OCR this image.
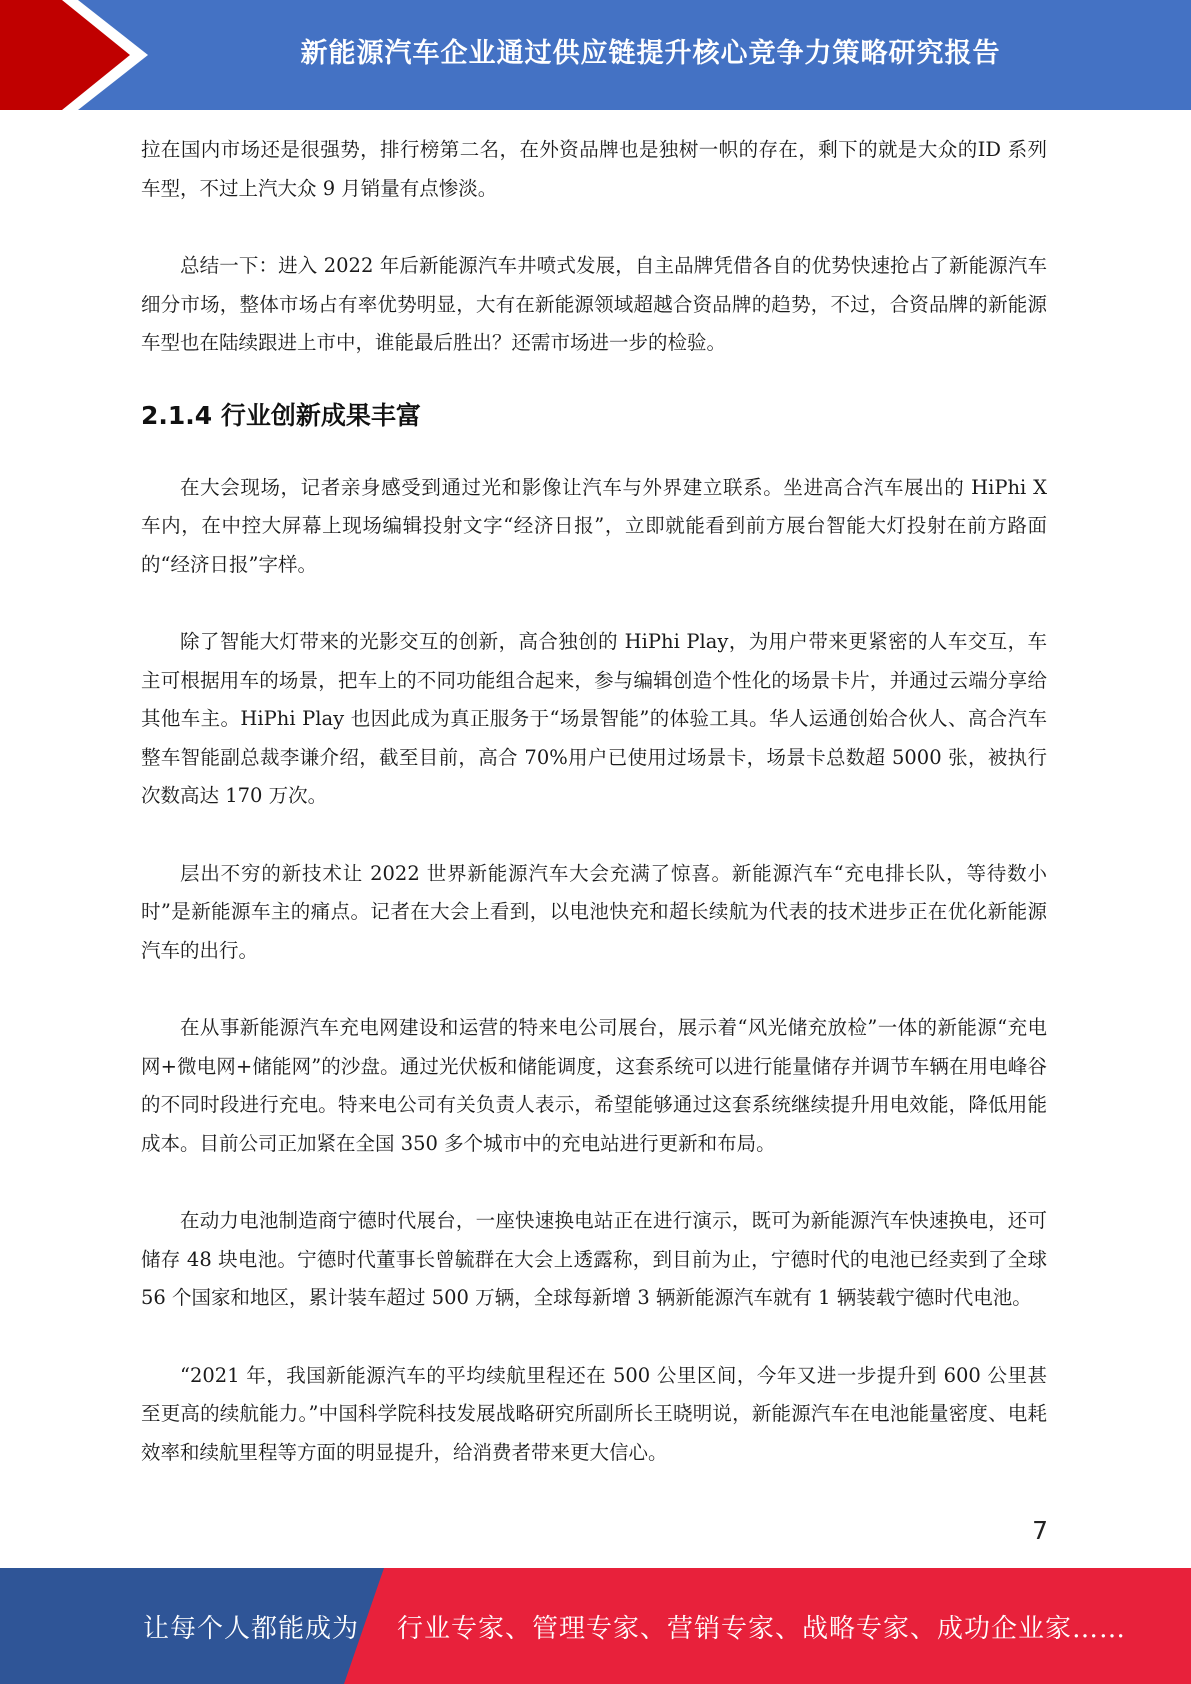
新能源汽车企业通过供应链提升核心竞争力策略研究报告

拉在国内市场还是很强势，排行榜第二名，在外资品牌也是独树一帜的存在，剩下的就是大众的ID 系列车型，不过上汽大众 9 月销量有点惨淡。

总结一下：进入 2022 年后新能源汽车井喷式发展，自主品牌凭借各自的优势快速抢占了新能源汽车细分市场，整体市场占有率优势明显，大有在新能源领域超越合资品牌的趋势，不过，合资品牌的新能源车型也在陆续跟进上市中，谁能最后胜出？还需市场进一步的检验。

2.1.4 行业创新成果丰富

在大会现场，记者亲身感受到通过光和影像让汽车与外界建立联系。坐进高合汽车展出的 HiPhi X 车内，在中控大屏幕上现场编辑投射文字“经济日报”，立即就能看到前方展台智能大灯投射在前方路面的“经济日报”字样。

除了智能大灯带来的光影交互的创新，高合独创的 HiPhi Play，为用户带来更紧密的人车交互，车主可根据用车的场景，把车上的不同功能组合起来，参与编辑创造个性化的场景卡片，并通过云端分享给其他车主。HiPhi Play 也因此成为真正服务于“场景智能”的体验工具。华人运通创始合伙人、高合汽车整车智能副总裁李谦介绍，截至目前，高合 70%用户已使用过场景卡，场景卡总数超 5000 张，被执行次数高达 170 万次。

层出不穷的新技术让 2022 世界新能源汽车大会充满了惊喜。新能源汽车“充电排长队，等待数小时”是新能源车主的痛点。记者在大会上看到，以电池快充和超长续航为代表的技术进步正在优化新能源汽车的出行。

在从事新能源汽车充电网建设和运营的特来电公司展台，展示着“风光储充放检”一体的新能源“充电网+微电网+储能网”的沙盘。通过光伏板和储能调度，这套系统可以进行能量储存并调节车辆在用电峰谷的不同时段进行充电。特来电公司有关负责人表示，希望能够通过这套系统继续提升用电效能，降低用能成本。目前公司正加紧在全国 350 多个城市中的充电站进行更新和布局。

在动力电池制造商宁德时代展台，一座快速换电站正在进行演示，既可为新能源汽车快速换电，还可储存 48 块电池。宁德时代董事长曾毓群在大会上透露称，到目前为止，宁德时代的电池已经卖到了全球 56 个国家和地区，累计装车超过 500 万辆，全球每新增 3 辆新能源汽车就有 1 辆装载宁德时代电池。

“2021 年，我国新能源汽车的平均续航里程还在 500 公里区间，今年又进一步提升到 600 公里甚至更高的续航能力。”中国科学院科技发展战略研究所副所长王晓明说，新能源汽车在电池能量密度、电耗效率和续航里程等方面的明显提升，给消费者带来更大信心。

7
让每个人都能成为 行业专家、管理专家、营销专家、战略专家、成功企业家……
